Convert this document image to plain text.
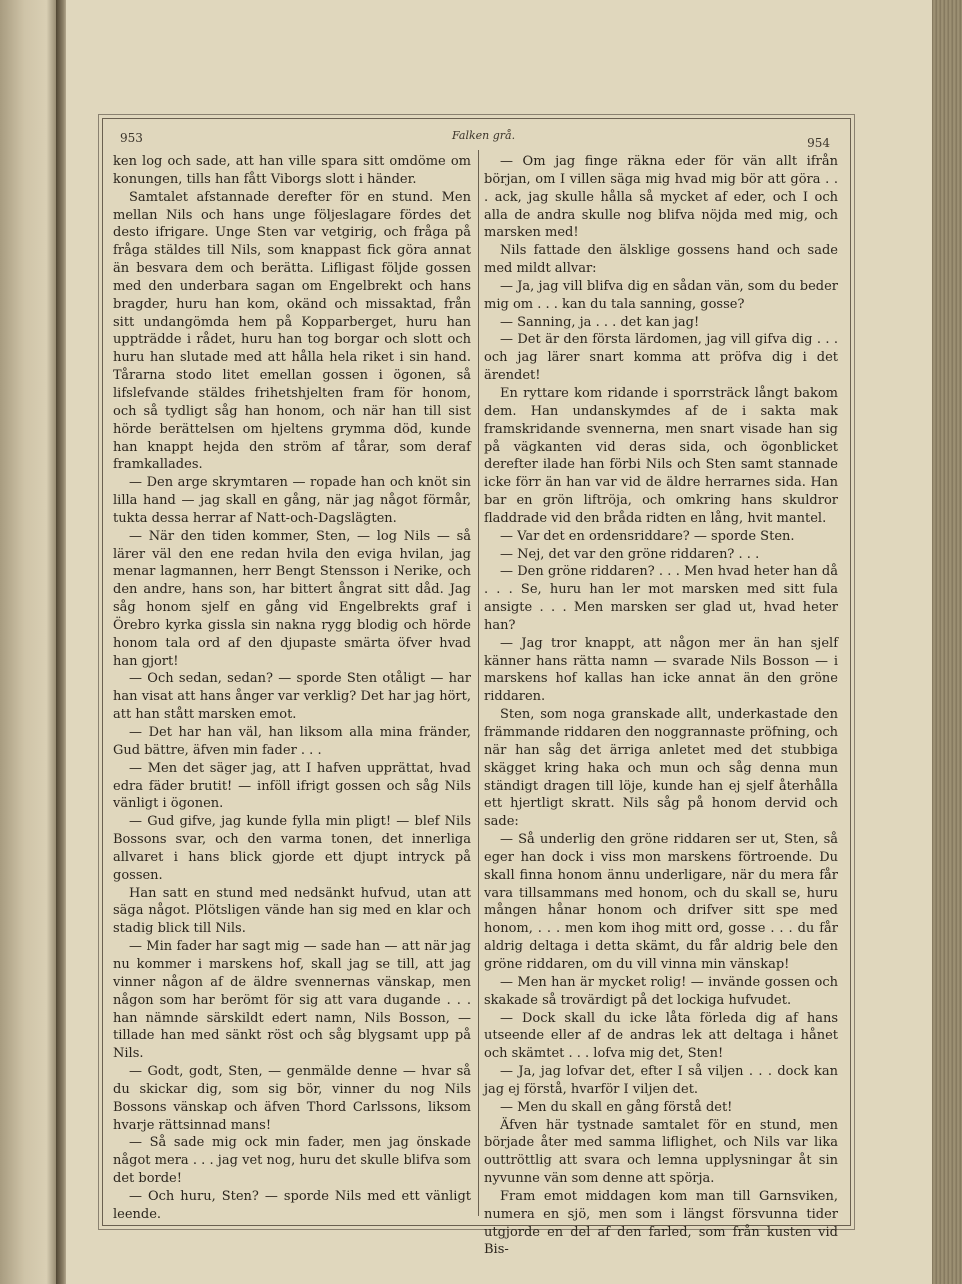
953	Falken grå.
954

ken log och sade, att han ville spara sitt omdöme om konungen, tills han fått Viborgs slott i händer.

Samtalet afstannade derefter för en stund. Men mellan Nils och hans unge följeslagare fördes det desto ifrigare. Unge Sten var vetgirig, och fråga på fråga stäldes till Nils, som knappast fick göra annat än besvara dem och berätta. Lifligast följde gossen med den underbara sagan om Engelbrekt och hans bragder, huru han kom, okänd och missaktad, från sitt undangömda hem på Kopparberget, huru han uppträdde i rådet, huru han tog borgar och slott och huru han slutade med att hålla hela riket i sin hand. Tårarna stodo litet emellan gossen i ögonen, så lifslefvande stäldes frihetshjelten fram för honom, och så tydligt såg han honom, och när han till sist hörde berättelsen om hjeltens grymma död, kunde han knappt hejda den ström af tårar, som deraf framkallades.

— Den arge skrymtaren — ropade han och knöt sin lilla hand — jag skall en gång, när jag något förmår, tukta dessa herrar af Natt-och-Dagslägten.

— När den tiden kommer, Sten, — log Nils — så lärer väl den ene redan hvila den eviga hvilan, jag menar lagmannen, herr Bengt Stensson i Nerike, och den andre, hans son, har bittert ångrat sitt dåd. Jag såg honom sjelf en gång vid Engelbrekts graf i Örebro kyrka gissla sin nakna rygg blodig och hörde honom tala ord af den djupaste smärta öfver hvad han gjort!

— Och sedan, sedan? — sporde Sten otåligt — har han visat att hans ånger var verklig? Det har jag hört, att han stått marsken emot.

— Det har han väl, han liksom alla mina fränder, Gud bättre, äfven min fader . . .

— Men det säger jag, att I hafven upprättat, hvad edra fäder brutit! — inföll ifrigt gossen och såg Nils vänligt i ögonen.

— Gud gifve, jag kunde fylla min pligt! — blef Nils Bossons svar, och den varma tonen, det innerliga allvaret i hans blick gjorde ett djupt intryck på gossen.

Han satt en stund med nedsänkt hufvud, utan att säga något. Plötsligen vände han sig med en klar och stadig blick till Nils.

— Min fader har sagt mig — sade han — att när jag nu kommer i marskens hof, skall jag se till, att jag vinner någon af de äldre svennernas vänskap, men någon som har berömt för sig att vara dugande . . . han nämnde särskildt edert namn, Nils Bosson, — tillade han med sänkt röst och såg blygsamt upp på Nils.

— Godt, godt, Sten, — genmälde denne — hvar så du skickar dig, som sig bör, vinner du nog Nils Bossons vänskap och äfven Thord Carlssons, liksom hvarje rättsinnad mans!

— Så sade mig ock min fader, men jag önskade något mera . . . jag vet nog, huru det skulle blifva som det borde!

— Och huru, Sten? — sporde Nils med ett vänligt leende.

— Om jag finge räkna eder för vän allt ifrån början, om I villen säga mig hvad mig bör att göra . . . ack, jag skulle hålla så mycket af eder, och I och alla de andra skulle nog blifva nöjda med mig, och marsken med!

Nils fattade den älsklige gossens hand och sade med mildt allvar:

— Ja, jag vill blifva dig en sådan vän, som du beder mig om . . . kan du tala sanning, gosse?

— Sanning, ja . . . det kan jag!

— Det är den första lärdomen, jag vill gifva dig . . . och jag lärer snart komma att pröfva dig i det ärendet!

En ryttare kom ridande i sporrsträck långt bakom dem. Han undanskymdes af de i sakta mak framskridande svennerna, men snart visade han sig på vägkanten vid deras sida, och ögonblicket derefter ilade han förbi Nils och Sten samt stannade icke förr än han var vid de äldre herrarnes sida. Han bar en grön liftröja, och omkring hans skuldror fladdrade vid den bråda ridten en lång, hvit mantel.

— Var det en ordensriddare? — sporde Sten.

— Nej, det var den gröne riddaren? . . .

— Den gröne riddaren? . . . Men hvad heter han då . . . Se, huru han ler mot marsken med sitt fula ansigte . . . Men marsken ser glad ut, hvad heter han?

— Jag tror knappt, att någon mer än han sjelf känner hans rätta namn — svarade Nils Bosson — i marskens hof kallas han icke annat än den gröne riddaren.

Sten, som noga granskade allt, underkastade den främmande riddaren den noggrannaste pröfning, och när han såg det ärriga anletet med det stubbiga skägget kring haka och mun och såg denna mun ständigt dragen till löje, kunde han ej sjelf återhålla ett hjertligt skratt. Nils såg på honom dervid och sade:

— Så underlig den gröne riddaren ser ut, Sten, så eger han dock i viss mon marskens förtroende. Du skall finna honom ännu underligare, när du mera får vara tillsammans med honom, och du skall se, huru mången hånar honom och drifver sitt spe med honom, . . . men kom ihog mitt ord, gosse . . . du får aldrig deltaga i detta skämt, du får aldrig bele den gröne riddaren, om du vill vinna min vänskap!

— Men han är mycket rolig! — invände gossen och skakade så trovärdigt på det lockiga hufvudet.

— Dock skall du icke låta förleda dig af hans utseende eller af de andras lek att deltaga i hånet och skämtet . . . lofva mig det, Sten!

— Ja, jag lofvar det, efter I så viljen . . . dock kan jag ej förstå, hvarför I viljen det.

— Men du skall en gång förstå det!

Äfven här tystnade samtalet för en stund, men började åter med samma liflighet, och Nils var lika outtröttlig att svara och lemna upplysningar åt sin nyvunne vän som denne att spörja.

Fram emot middagen kom man till Garnsviken, numera en sjö, men som i längst försvunna tider utgjorde en del af den farled, som från kusten vid Bis-
